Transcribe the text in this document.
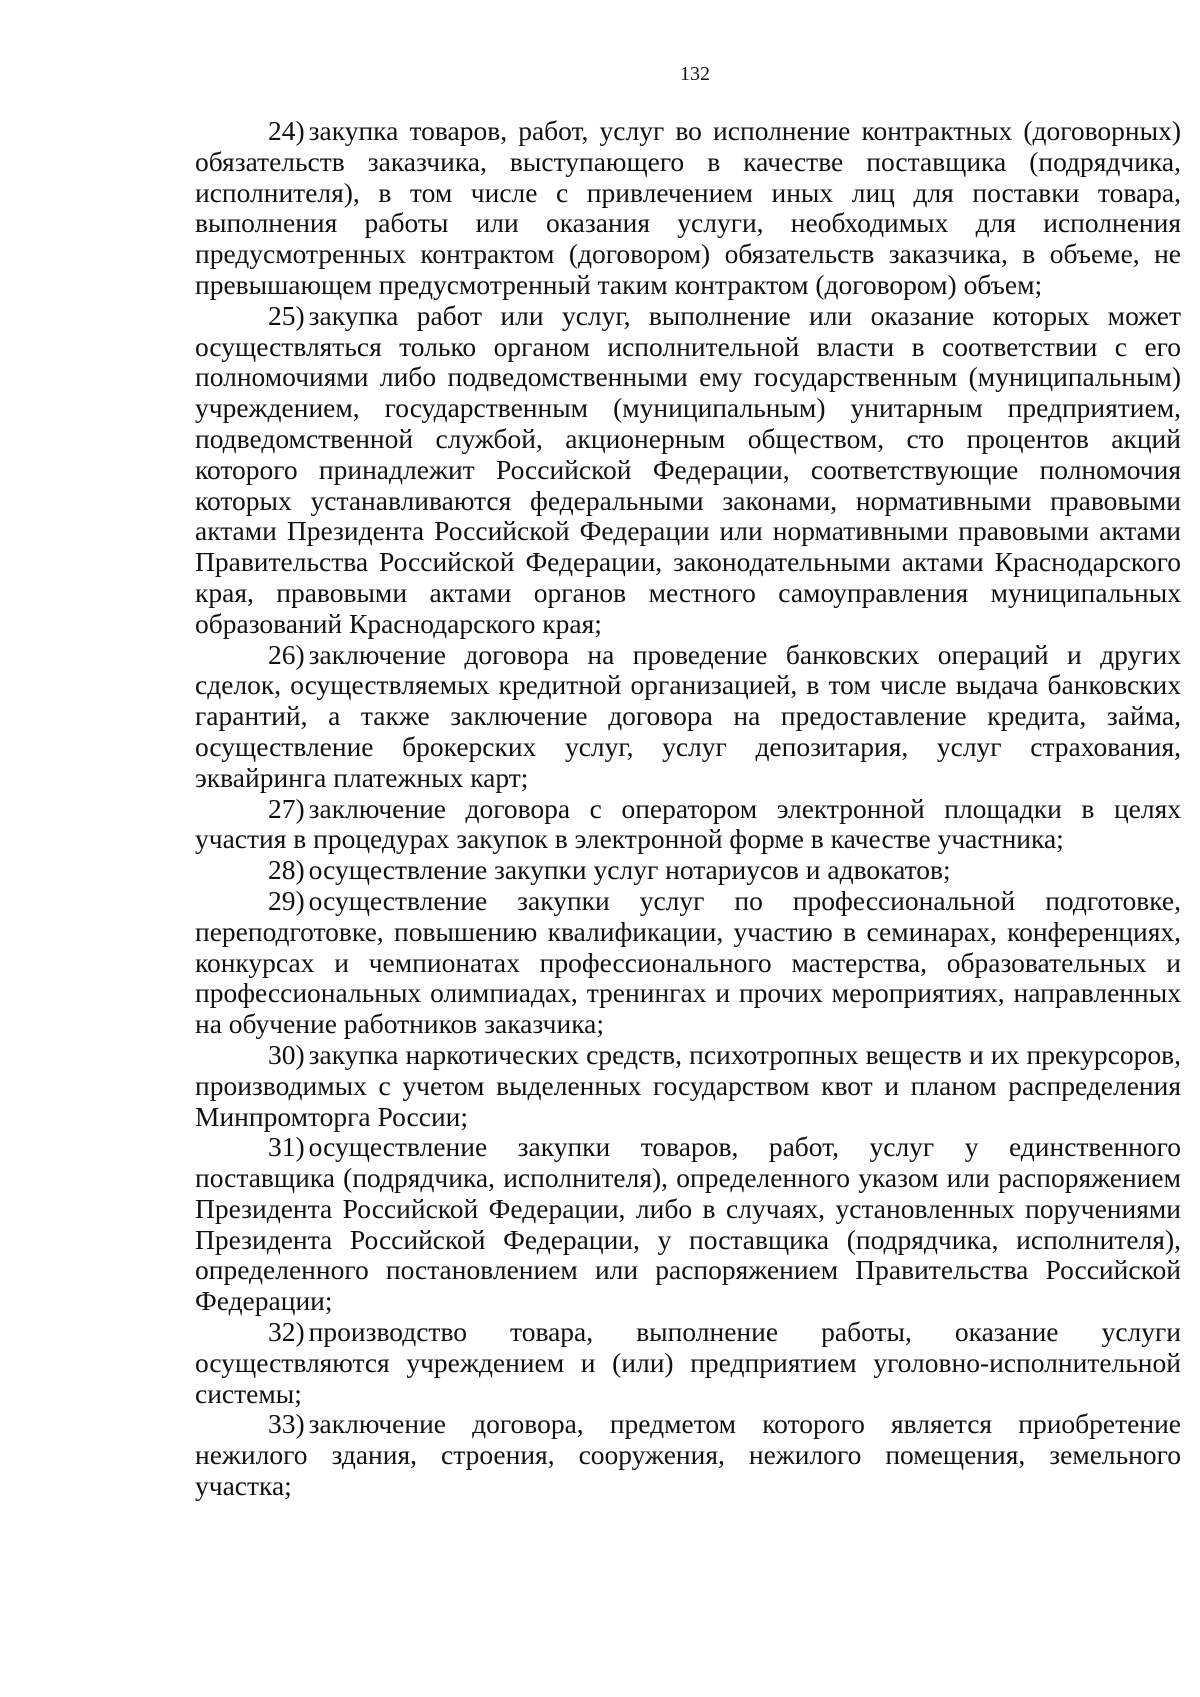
132

24) закупка товаров, работ, услуг во исполнение контрактных (договорных) обязательств заказчика, выступающего в качестве поставщика (подрядчика, исполнителя), в том числе с привлечением иных лиц для поставки товара, выполнения работы или оказания услуги, необходимых для исполнения предусмотренных контрактом (договором) обязательств заказчика, в объеме, не превышающем предусмотренный таким контрактом (договором) объем;

25) закупка работ или услуг, выполнение или оказание которых может осуществляться только органом исполнительной власти в соответствии с его полномочиями либо подведомственными ему государственным (муниципальным) учреждением, государственным (муниципальным) унитарным предприятием, подведомственной службой, акционерным обществом, сто процентов акций которого принадлежит Российской Федерации, соответствующие полномочия которых устанавливаются федеральными законами, нормативными правовыми актами Президента Российской Федерации или нормативными правовыми актами Правительства Российской Федерации, законодательными актами Краснодарского края, правовыми актами органов местного самоуправления муниципальных образований Краснодарского края;

26) заключение договора на проведение банковских операций и других сделок, осуществляемых кредитной организацией, в том числе выдача банковских гарантий, а также заключение договора на предоставление кредита, займа, осуществление брокерских услуг, услуг депозитария, услуг страхования, эквайринга платежных карт;

27) заключение договора с оператором электронной площадки в целях участия в процедурах закупок в электронной форме в качестве участника;

28) осуществление закупки услуг нотариусов и адвокатов;

29) осуществление закупки услуг по профессиональной подготовке, переподготовке, повышению квалификации, участию в семинарах, конференциях, конкурсах и чемпионатах профессионального мастерства, образовательных и профессиональных олимпиадах, тренингах и прочих мероприятиях, направленных на обучение работников заказчика;

30) закупка наркотических средств, психотропных веществ и их прекурсоров, производимых с учетом выделенных государством квот и планом распределения Минпромторга России;

31) осуществление закупки товаров, работ, услуг у единственного поставщика (подрядчика, исполнителя), определенного указом или распоряжением Президента Российской Федерации, либо в случаях, установленных поручениями Президента Российской Федерации, у поставщика (подрядчика, исполнителя), определенного постановлением или распоряжением Правительства Российской Федерации;

32) производство товара, выполнение работы, оказание услуги осуществляются учреждением и (или) предприятием уголовно-исполнительной системы;

33) заключение договора, предметом которого является приобретение нежилого здания, строения, сооружения, нежилого помещения, земельного участка;
